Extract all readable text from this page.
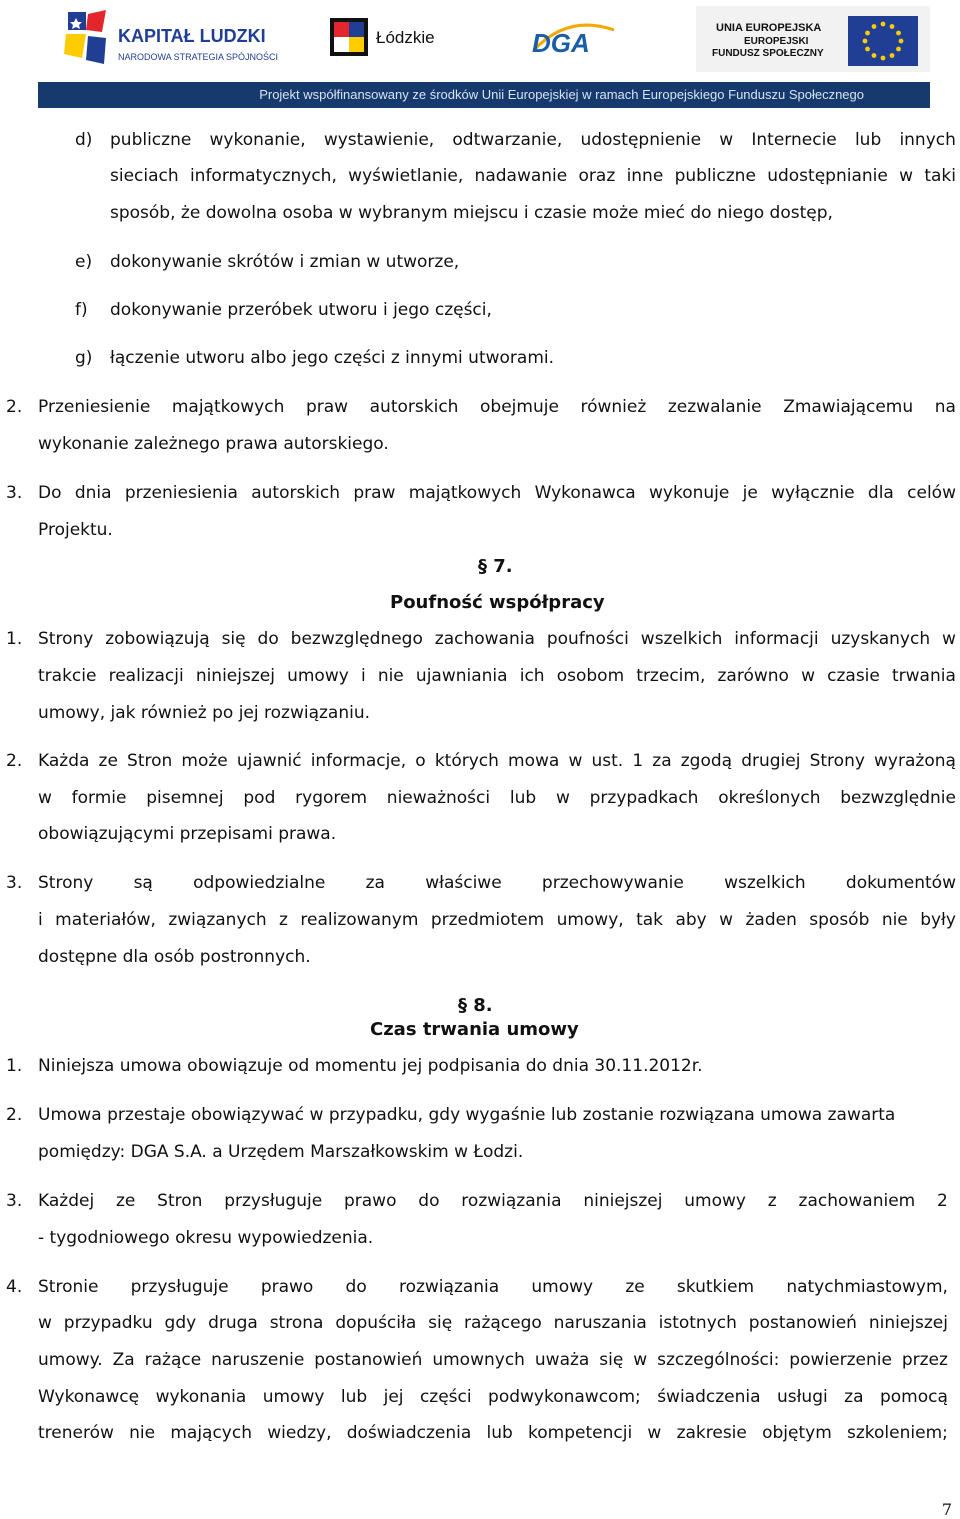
KAPITAŁ LUDZKI
NARODOWA STRATEGIA SPÓJNOŚCI
Łódzkie	DGA	UNIA EUROPEJSKA
EUROPEJSKI
FUNDUSZ SPOŁECZNY
Projekt współfinansowany ze środków Unii Europejskiej w ramach Europejskiego Funduszu Społecznego
d) publiczne wykonanie, wystawienie, odtwarzanie, udostępnienie w Internecie lub innych
sieciach informatycznych, wyświetlanie, nadawanie oraz inne publiczne udostępnianie w taki
sposób, że dowolna osoba w wybranym miejscu i czasie może mieć do niego dostęp,
e) dokonywanie skrótów i zmian w utworze,
f) dokonywanie przeróbek utworu i jego części,
g) łączenie utworu albo jego części z innymi utworami.
2. Przeniesienie majątkowych praw autorskich obejmuje również zezwalanie Zmawiającemu na
wykonanie zależnego prawa autorskiego.
3. Do dnia przeniesienia autorskich praw majątkowych Wykonawca wykonuje je wyłącznie dla celów
Projektu.
§ 7.
Poufność współpracy
1. Strony zobowiązują się do bezwzględnego zachowania poufności wszelkich informacji uzyskanych w
trakcie realizacji niniejszej umowy i nie ujawniania ich osobom trzecim, zarówno w czasie trwania
umowy, jak również po jej rozwiązaniu.
2. Każda ze Stron może ujawnić informacje, o których mowa w ust. 1 za zgodą drugiej Strony wyrażoną
w formie pisemnej pod rygorem nieważności lub w przypadkach określonych bezwzględnie
obowiązującymi przepisami prawa.
3. Strony są odpowiedzialne za właściwe przechowywanie wszelkich dokumentów
i materiałów, związanych z realizowanym przedmiotem umowy, tak aby w żaden sposób nie były
dostępne dla osób postronnych.
§ 8.
Czas trwania umowy
1. Niniejsza umowa obowiązuje od momentu jej podpisania do dnia 30.11.2012r.
2. Umowa przestaje obowiązywać w przypadku, gdy wygaśnie lub zostanie rozwiązana umowa zawarta
pomiędzy: DGA S.A. a Urzędem Marszałkowskim w Łodzi.
3. Każdej ze Stron przysługuje prawo do rozwiązania niniejszej umowy z zachowaniem 2
- tygodniowego okresu wypowiedzenia.
4. Stronie przysługuje prawo do rozwiązania umowy ze skutkiem natychmiastowym,
w przypadku gdy druga strona dopuściła się rażącego naruszania istotnych postanowień niniejszej
umowy. Za rażące naruszenie postanowień umownych uważa się w szczególności: powierzenie przez
Wykonawcę wykonania umowy lub jej części podwykonawcom; świadczenia usługi za pomocą
trenerów nie mających wiedzy, doświadczenia lub kompetencji w zakresie objętym szkoleniem;
7
